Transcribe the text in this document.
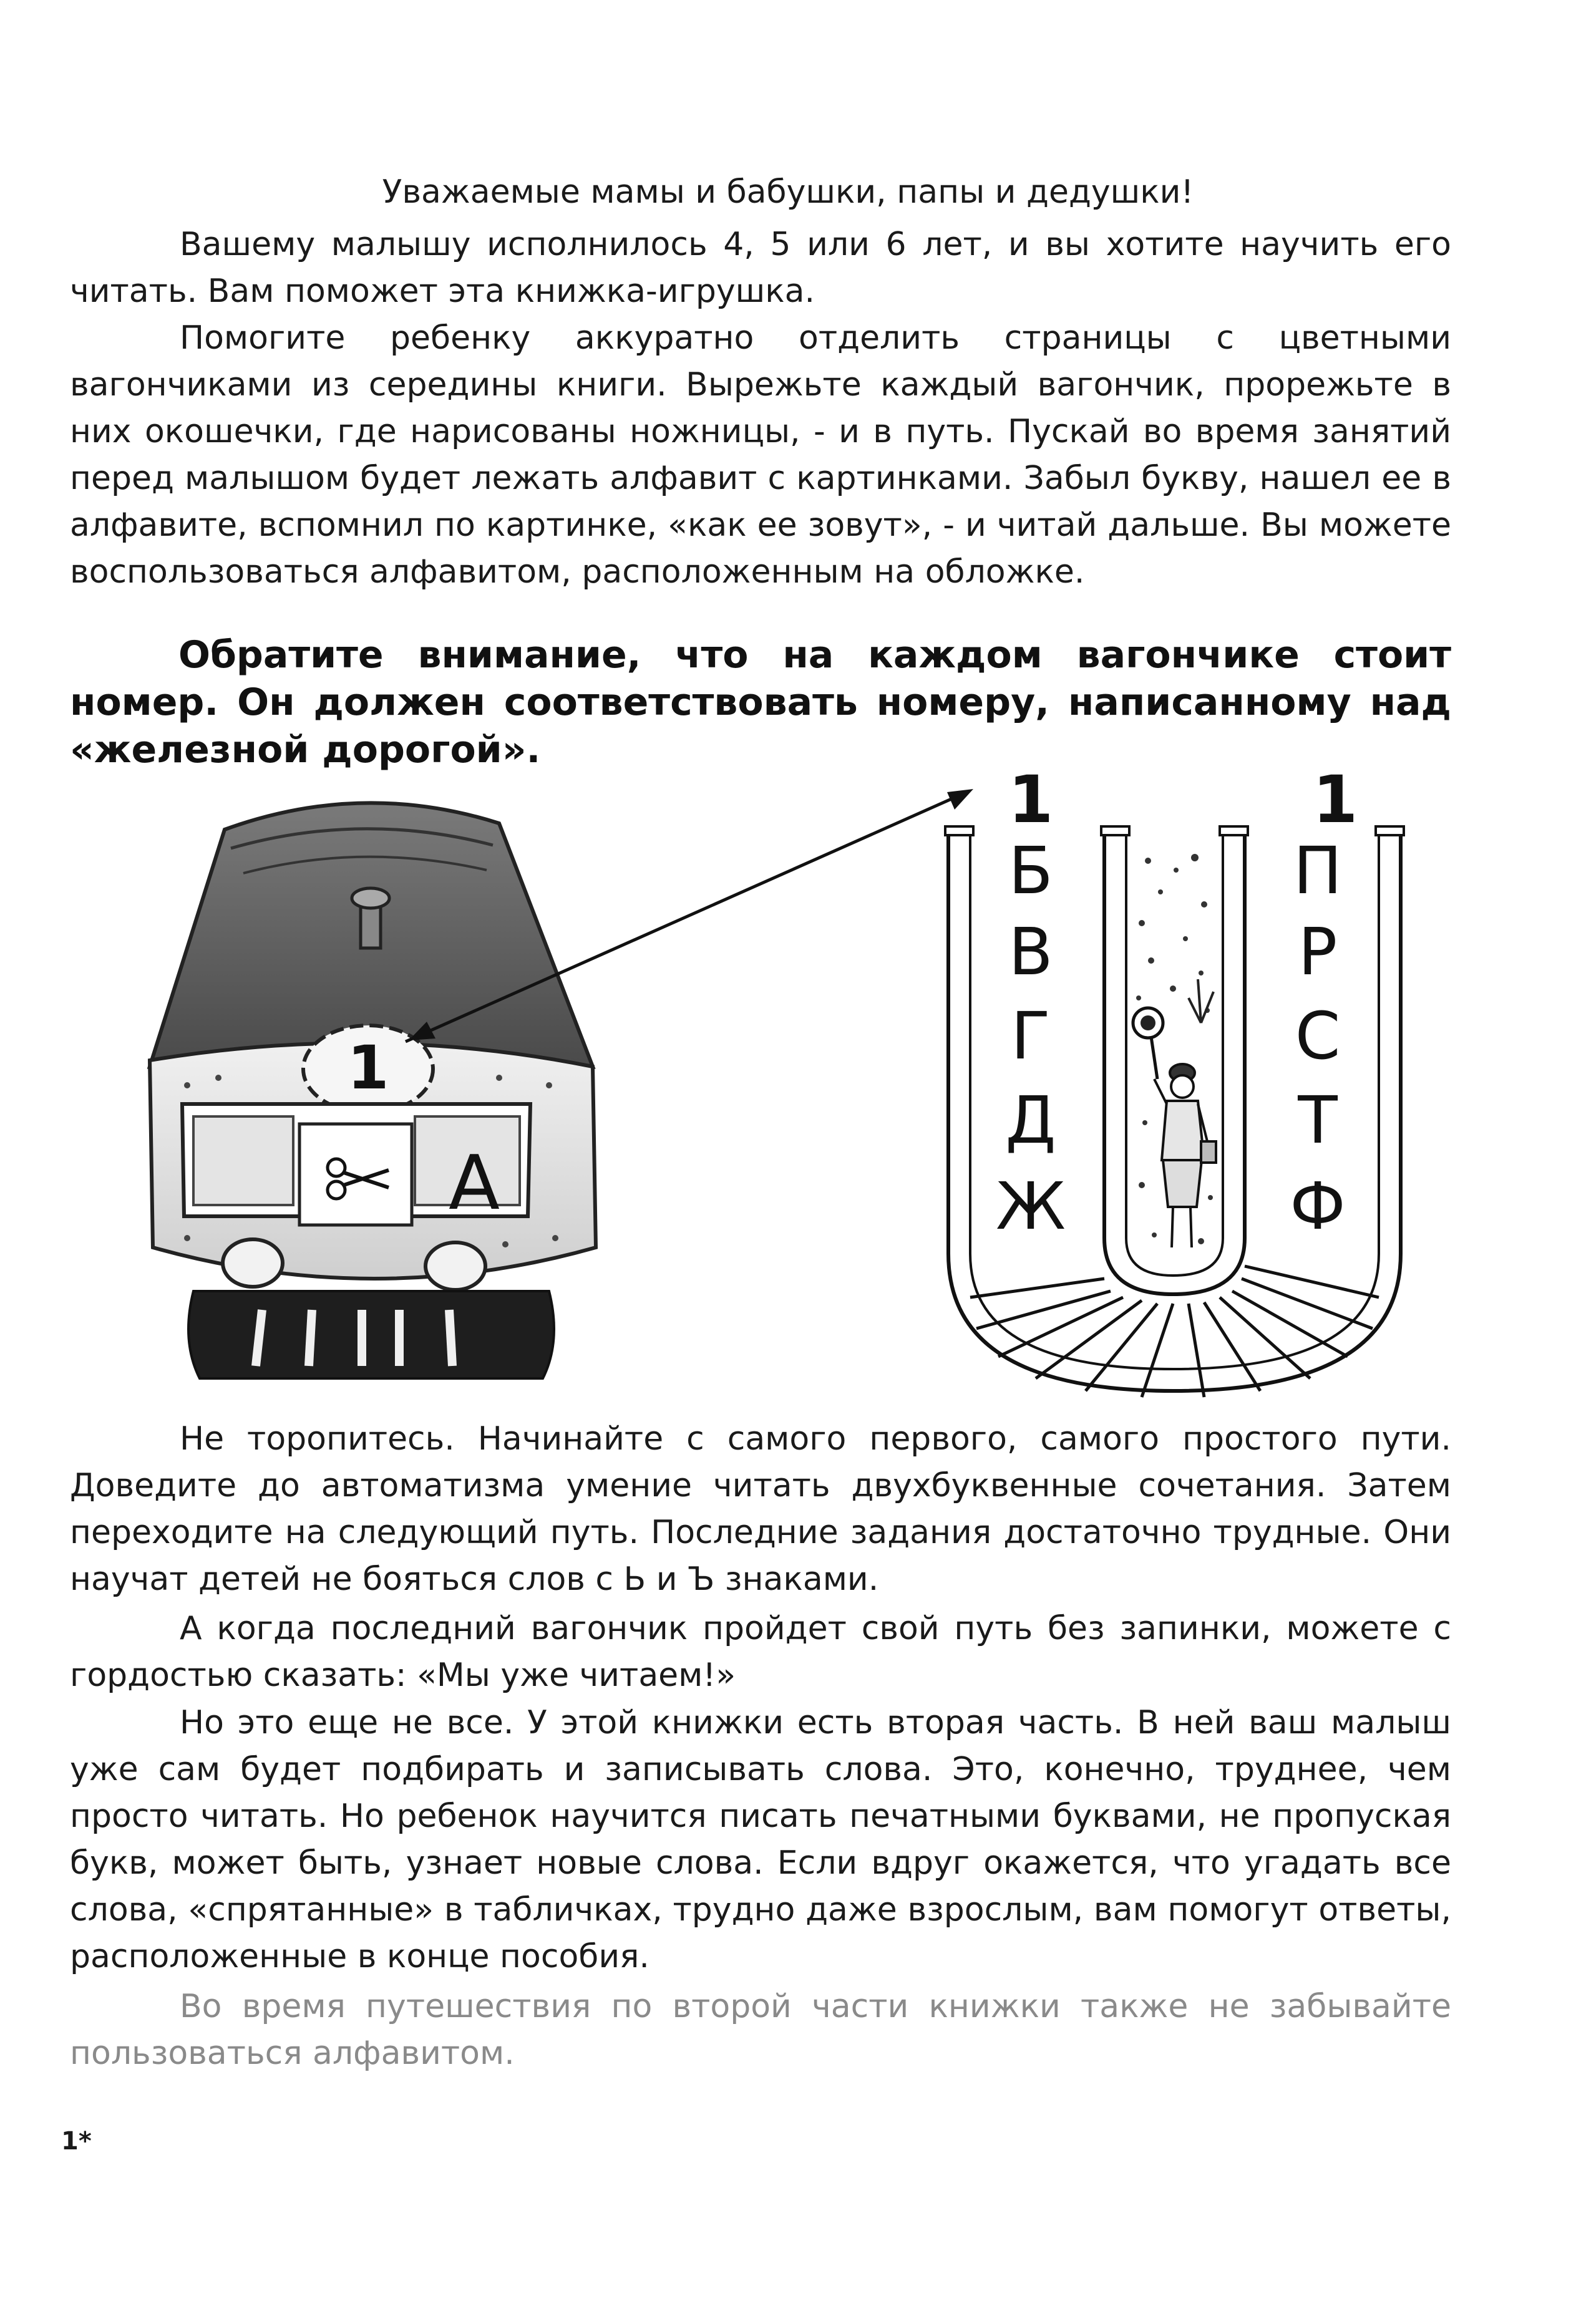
Уважаемые мамы и бабушки, папы и дедушки!
Вашему малышу исполнилось 4, 5 или 6 лет, и вы хотите научить его читать. Вам поможет эта книжка-игрушка.
Помогите ребенку аккуратно отделить страницы с цветными вагончиками из середины книги. Вырежьте каждый вагончик, прорежьте в них окошечки, где нарисованы ножницы, - и в путь. Пускай во время занятий перед малышом будет лежать алфавит с картинками. Забыл букву, нашел ее в алфавите, вспомнил по картинке, «как ее зовут», - и читай дальше. Вы можете воспользоваться алфавитом, расположенным на обложке.
Обратите внимание, что на каждом вагончике стоит номер. Он должен соответствовать номеру, написанному над «железной дорогой».
1
А
1	1
Б
В
Г
Д
Ж
П
Р
С
Т
Ф
Не торопитесь. Начинайте с самого первого, самого простого пути. Доведите до автоматизма умение читать двухбуквенные сочетания. Затем переходите на следующий путь. Последние задания достаточно трудные. Они научат детей не бояться слов с Ь и Ъ знаками.
А когда последний вагончик пройдет свой путь без запинки, можете с гордостью сказать: «Мы уже читаем!»
Но это еще не все. У этой книжки есть вторая часть. В ней ваш малыш уже сам будет подбирать и записывать слова. Это, конечно, труднее, чем просто читать. Но ребенок научится писать печатными буквами, не пропуская букв, может быть, узнает новые слова. Если вдруг окажется, что угадать все слова, «спрятанные» в табличках, трудно даже взрослым, вам помогут ответы, расположенные в конце пособия.
Во время путешествия по второй части книжки также не забывайте пользоваться алфавитом.
1*
